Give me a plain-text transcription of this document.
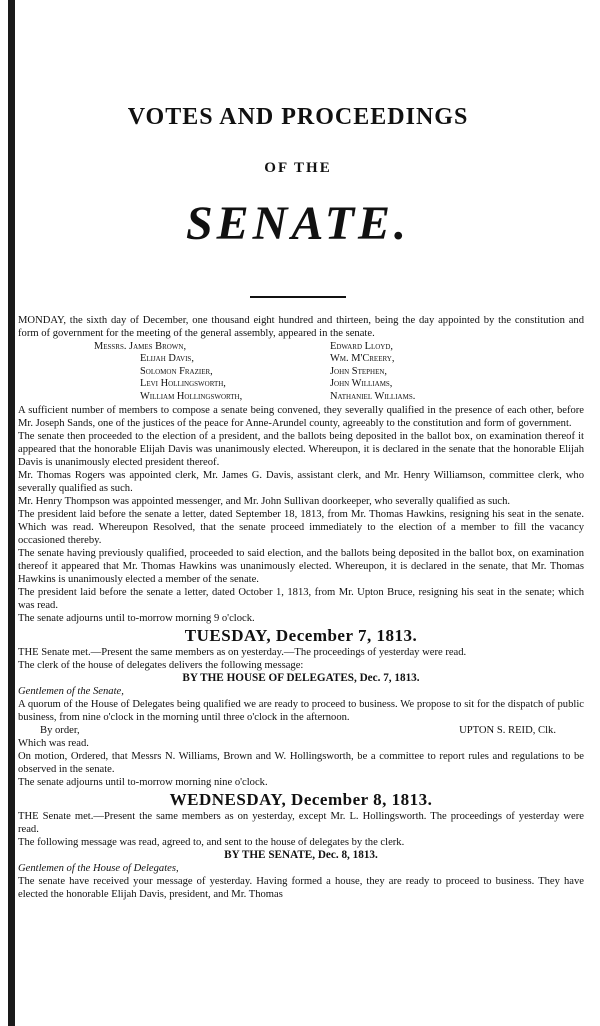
VOTES AND PROCEEDINGS
OF THE
SENATE.

MONDAY, the sixth day of December, one thousand eight hundred and thirteen, being the day appointed by the constitution and form of government for the meeting of the general assembly, appeared in the senate.

Messrs. James Brown,
Elijah Davis,
Solomon Frazier,
Levi Hollingsworth,
William Hollingsworth,
Edward Lloyd,
Wm. M'Creery,
John Stephen,
John Williams,
Nathaniel Williams.

A sufficient number of members to compose a senate being convened, they severally qualified in the presence of each other, before Mr. Joseph Sands, one of the justices of the peace for Anne-Arundel county, agreeably to the constitution and form of government.

The senate then proceeded to the election of a president, and the ballots being deposited in the ballot box, on examination thereof it appeared that the honorable Elijah Davis was unanimously elected. Whereupon, it is declared in the senate that the honorable Elijah Davis is unanimously elected president thereof.

Mr. Thomas Rogers was appointed clerk, Mr. James G. Davis, assistant clerk, and Mr. Henry Williamson, committee clerk, who severally qualified as such.

Mr. Henry Thompson was appointed messenger, and Mr. John Sullivan doorkeeper, who severally qualified as such.

The president laid before the senate a letter, dated September 18, 1813, from Mr. Thomas Hawkins, resigning his seat in the senate. Which was read. Whereupon Resolved, that the senate proceed immediately to the election of a member to fill the vacancy occasioned thereby.

The senate having previously qualified, proceeded to said election, and the ballots being deposited in the ballot box, on examination thereof it appeared that Mr. Thomas Hawkins was unanimously elected. Whereupon, it is declared in the senate, that Mr. Thomas Hawkins is unanimously elected a member of the senate.

The president laid before the senate a letter, dated October 1, 1813, from Mr. Upton Bruce, resigning his seat in the senate; which was read.

The senate adjourns until to-morrow morning 9 o'clock.

TUESDAY, December 7, 1813.

THE Senate met.—Present the same members as on yesterday.—The proceedings of yesterday were read.

The clerk of the house of delegates delivers the following message:

BY THE HOUSE OF DELEGATES, Dec. 7, 1813.

Gentlemen of the Senate,

A quorum of the House of Delegates being qualified we are ready to proceed to business. We propose to sit for the dispatch of public business, from nine o'clock in the morning until three o'clock in the afternoon.

By order,	UPTON S. REID, Clk.

Which was read.

On motion, Ordered, that Messrs N. Williams, Brown and W. Hollingsworth, be a committee to report rules and regulations to be observed in the senate.

The senate adjourns until to-morrow morning nine o'clock.

WEDNESDAY, December 8, 1813.

THE Senate met.—Present the same members as on yesterday, except Mr. L. Hollingsworth. The proceedings of yesterday were read.

The following message was read, agreed to, and sent to the house of delegates by the clerk.

BY THE SENATE, Dec. 8, 1813.

Gentlemen of the House of Delegates,

The senate have received your message of yesterday. Having formed a house, they are ready to proceed to business. They have elected the honorable Elijah Davis, president, and Mr. Thomas
